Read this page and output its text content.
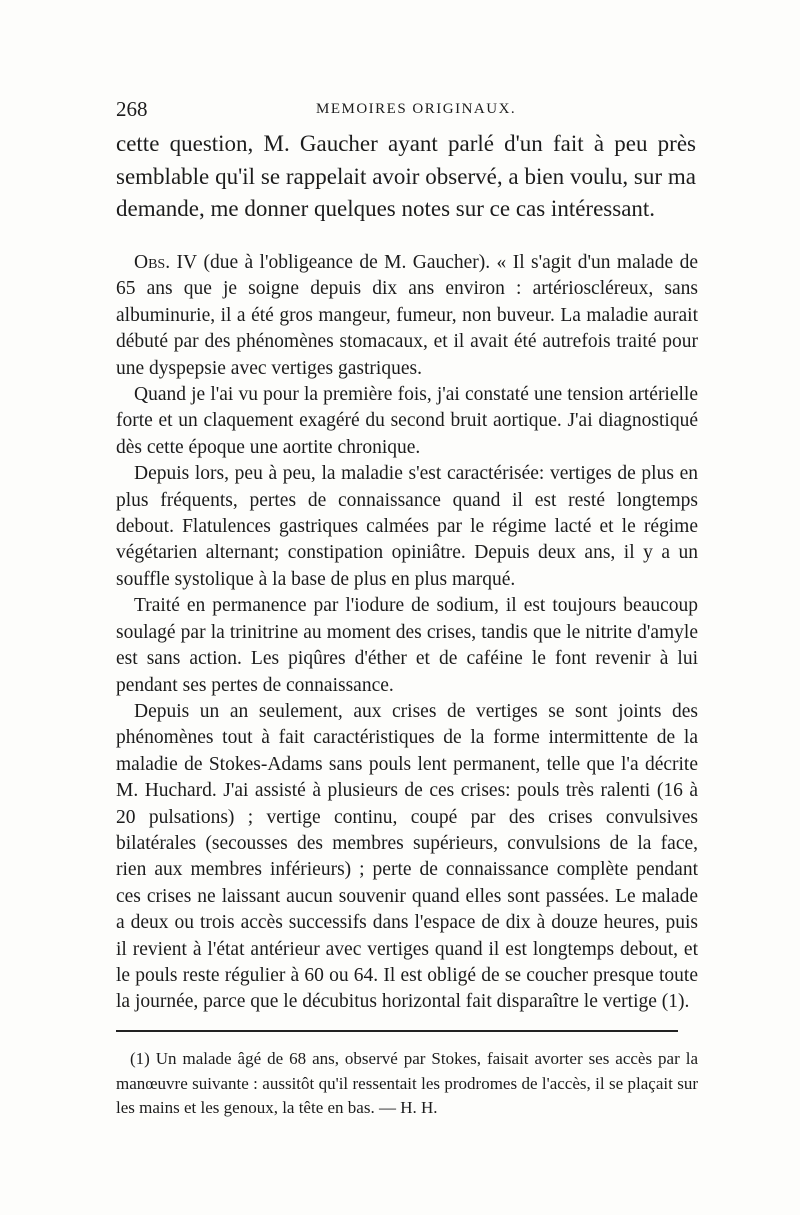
268	MEMOIRES ORIGINAUX.

cette question, M. Gaucher ayant parlé d'un fait à peu près semblable qu'il se rappelait avoir observé, a bien voulu, sur ma demande, me donner quelques notes sur ce cas intéressant.

Obs. IV (due à l'obligeance de M. Gaucher). « Il s'agit d'un malade de 65 ans que je soigne depuis dix ans environ : artérioscléreux, sans albuminurie, il a été gros mangeur, fumeur, non buveur. La maladie aurait débuté par des phénomènes stomacaux, et il avait été autrefois traité pour une dyspepsie avec vertiges gastriques.

Quand je l'ai vu pour la première fois, j'ai constaté une tension artérielle forte et un claquement exagéré du second bruit aortique. J'ai diagnostiqué dès cette époque une aortite chronique.

Depuis lors, peu à peu, la maladie s'est caractérisée: vertiges de plus en plus fréquents, pertes de connaissance quand il est resté longtemps debout. Flatulences gastriques calmées par le régime lacté et le régime végétarien alternant; constipation opiniâtre. Depuis deux ans, il y a un souffle systolique à la base de plus en plus marqué.

Traité en permanence par l'iodure de sodium, il est toujours beaucoup soulagé par la trinitrine au moment des crises, tandis que le nitrite d'amyle est sans action. Les piqûres d'éther et de caféine le font revenir à lui pendant ses pertes de connaissance.

Depuis un an seulement, aux crises de vertiges se sont joints des phénomènes tout à fait caractéristiques de la forme intermittente de la maladie de Stokes-Adams sans pouls lent permanent, telle que l'a décrite M. Huchard. J'ai assisté à plusieurs de ces crises: pouls très ralenti (16 à 20 pulsations) ; vertige continu, coupé par des crises convulsives bilatérales (secousses des membres supérieurs, convulsions de la face, rien aux membres inférieurs) ; perte de connaissance complète pendant ces crises ne laissant aucun souvenir quand elles sont passées. Le malade a deux ou trois accès successifs dans l'espace de dix à douze heures, puis il revient à l'état antérieur avec vertiges quand il est longtemps debout, et le pouls reste régulier à 60 ou 64. Il est obligé de se coucher presque toute la journée, parce que le décubitus horizontal fait disparaître le vertige (1).

(1) Un malade âgé de 68 ans, observé par Stokes, faisait avorter ses accès par la manœuvre suivante : aussitôt qu'il ressentait les prodromes de l'accès, il se plaçait sur les mains et les genoux, la tête en bas. — H. H.
